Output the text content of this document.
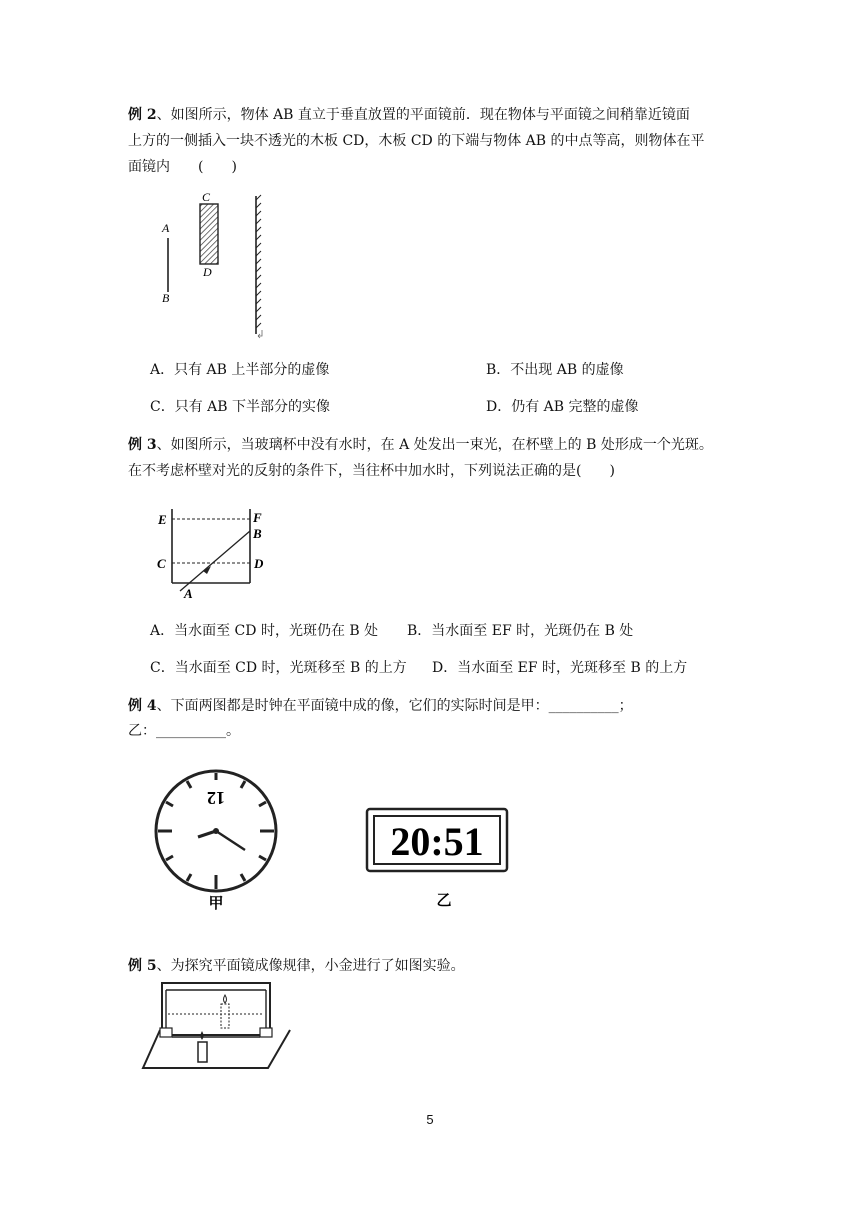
例 2、如图所示，物体 AB 直立于垂直放置的平面镜前．现在物体与平面镜之间稍靠近镜面
上方的一侧插入一块不透光的木板 CD，木板 CD 的下端与物体 AB 的中点等高，则物体在平
面镜内　　(　　)
A
B
C
D
A．只有 AB 上半部分的虚像	B．不出现 AB 的虚像
C．只有 AB 下半部分的实像	D．仍有 AB 完整的虚像
例 3、如图所示，当玻璃杯中没有水时，在 A 处发出一束光，在杯壁上的 B 处形成一个光斑。
在不考虑杯壁对光的反射的条件下，当往杯中加水时，下列说法正确的是(　　)
E	F
B
C	D
A
A．当水面至 CD 时，光斑仍在 B 处 B．当水面至 EF 时，光斑仍在 B 处
C．当水面至 CD 时，光斑移至 B 的上方 D．当水面至 EF 时，光斑移至 B 的上方
例 4、下面两图都是时钟在平面镜中成的像，它们的实际时间是甲：__________；
乙：__________。
12
甲
20:51
乙
例 5、为探究平面镜成像规律，小金进行了如图实验。
5
